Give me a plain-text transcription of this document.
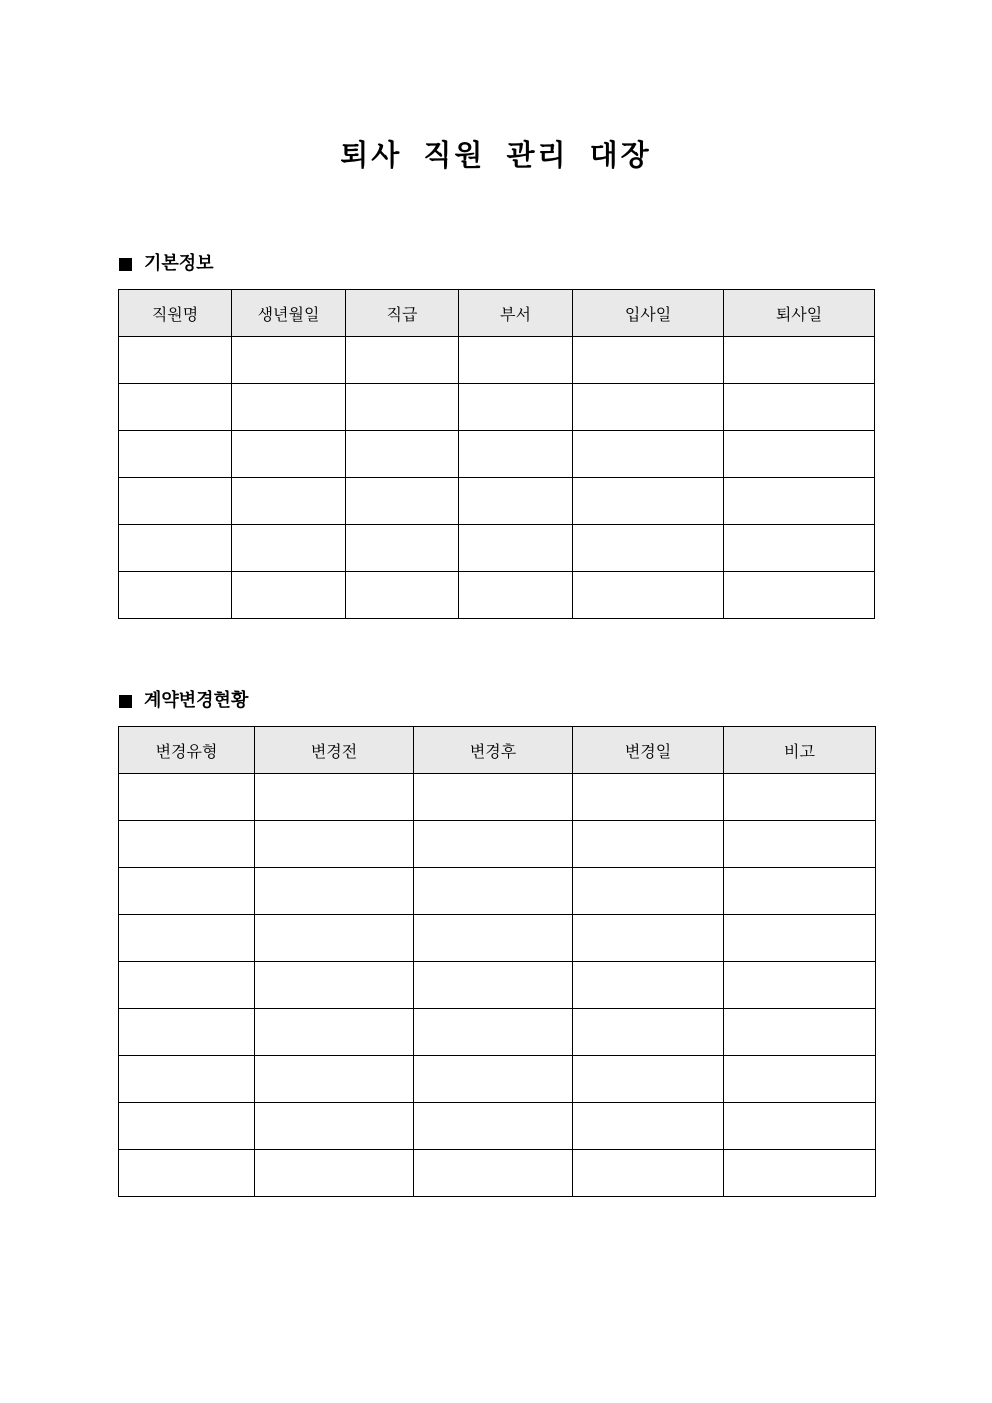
퇴사 직원 관리 대장
기본정보
직원명	생년월일	직급	부서	입사일	퇴사일

계약변경현황
변경유형	변경전	변경후	변경일	비고
